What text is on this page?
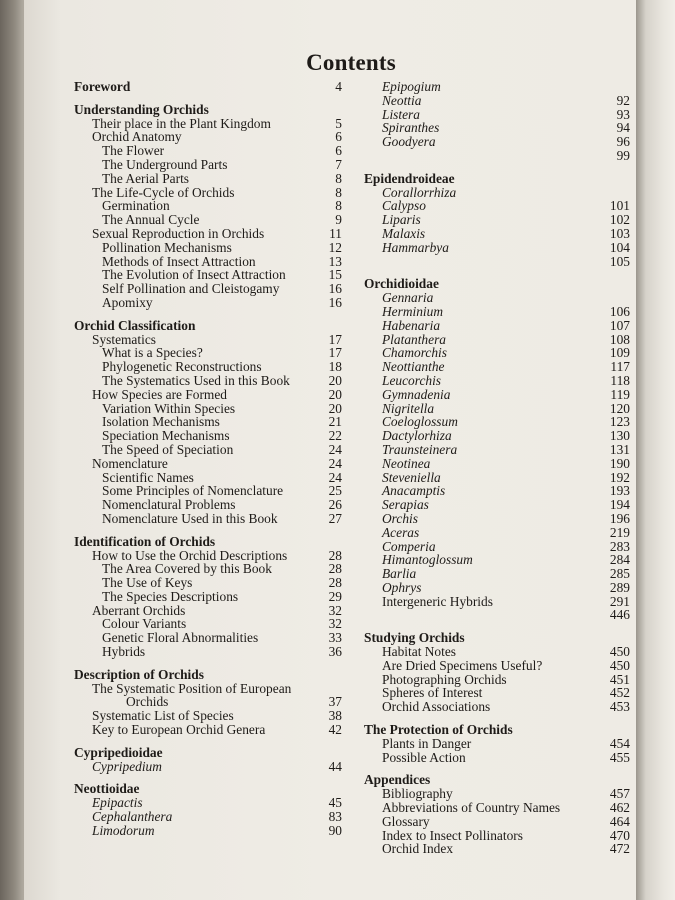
Contents
Foreword	4
Understanding Orchids
Their place in the Plant Kingdom	5
Orchid Anatomy	6
The Flower	6
The Underground Parts	7
The Aerial Parts	8
The Life-Cycle of Orchids	8
Germination	8
The Annual Cycle	9
Sexual Reproduction in Orchids	11
Pollination Mechanisms	12
Methods of Insect Attraction	13
The Evolution of Insect Attraction	15
Self Pollination and Cleistogamy	16
Apomixy	16
Orchid Classification
Systematics	17
What is a Species?	17
Phylogenetic Reconstructions	18
The Systematics Used in this Book	20
How Species are Formed	20
Variation Within Species	20
Isolation Mechanisms	21
Speciation Mechanisms	22
The Speed of Speciation	24
Nomenclature	24
Scientific Names	24
Some Principles of Nomenclature	25
Nomenclatural Problems	26
Nomenclature Used in this Book	27
Identification of Orchids
How to Use the Orchid Descriptions	28
The Area Covered by this Book	28
The Use of Keys	28
The Species Descriptions	29
Aberrant Orchids	32
Colour Variants	32
Genetic Floral Abnormalities	33
Hybrids	36
Description of Orchids
The Systematic Position of European
Orchids	37
Systematic List of Species	38
Key to European Orchid Genera	42
Cypripedioidae
Cypripedium	44
Neottioidae
Epipactis	45
Cephalanthera	83
Limodorum	90
Epipogium
Neottia	92
Listera	93
Spiranthes	94
Goodyera	96
99
Epidendroideae
Corallorrhiza
Calypso	101
Liparis	102
Malaxis	103
Hammarbya	104
105
Orchidioidae
Gennaria
Herminium	106
Habenaria	107
Platanthera	108
Chamorchis	109
Neottianthe	117
Leucorchis	118
Gymnadenia	119
Nigritella	120
Coeloglossum	123
Dactylorhiza	130
Traunsteinera	131
Neotinea	190
Steveniella	192
Anacamptis	193
Serapias	194
Orchis	196
Aceras	219
Comperia	283
Himantoglossum	284
Barlia	285
Ophrys	289
Intergeneric Hybrids	291
446
Studying Orchids
Habitat Notes	450
Are Dried Specimens Useful?	450
Photographing Orchids	451
Spheres of Interest	452
Orchid Associations	453
The Protection of Orchids
Plants in Danger	454
Possible Action	455
Appendices
Bibliography	457
Abbreviations of Country Names	462
Glossary	464
Index to Insect Pollinators	470
Orchid Index	472
